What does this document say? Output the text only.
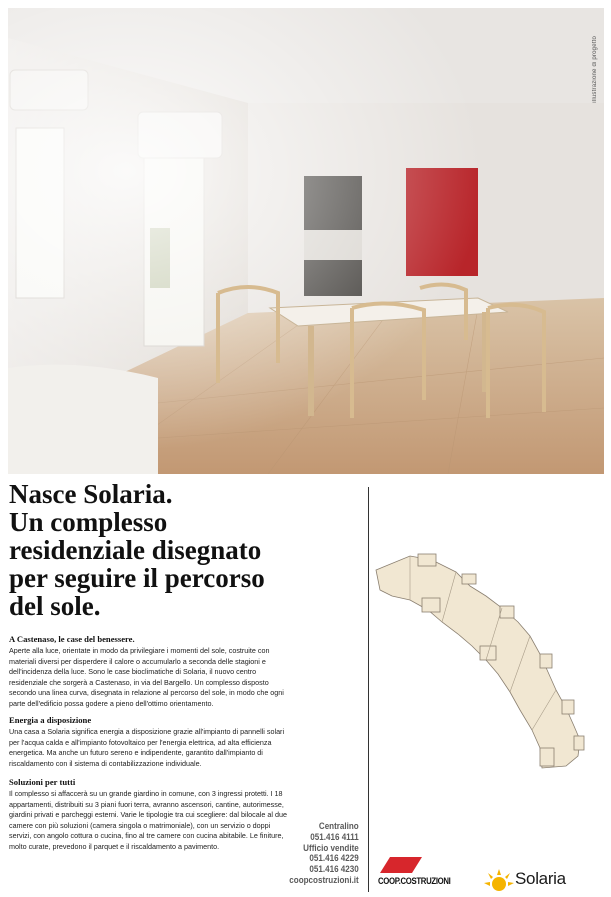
illustrazione di progetto
Nasce Solaria.
Un complesso
residenziale disegnato
per seguire il percorso
del sole.
A Castenaso, le case del benessere.

Aperte alla luce, orientate in modo da privilegiare i momenti del sole, costruite con materiali diversi per disperdere il calore o accumularlo a seconda delle stagioni e dell'incidenza della luce. Sono le case bioclimatiche di Solaria, il nuovo centro residenziale che sorgerà a Castenaso, in via del Bargello. Un complesso disposto secondo una linea curva, disegnata in relazione al percorso del sole, in modo che ogni parte dell'edificio possa godere a pieno dell'ottimo orientamento.

Energia a disposizione

Una casa a Solaria significa energia a disposizione grazie all'impianto di pannelli solari per l'acqua calda e all'impianto fotovoltaico per l'energia elettrica, ad alta efficienza energetica. Ma anche un futuro sereno e indipendente, garantito dall'impianto di riscaldamento con il sistema di contabilizzazione individuale.

Soluzioni per tutti

Il complesso si affaccerà su un grande giardino in comune, con 3 ingressi protetti. I 18 appartamenti, distribuiti su 3 piani fuori terra, avranno ascensori, cantine, autorimesse, giardini privati e parcheggi esterni. Varie le tipologie tra cui scegliere: dal bilocale al due camere con più soluzioni (camera singola o matrimoniale), con un servizio o doppi servizi, con angolo cottura o cucina, fino al tre camere con cucina abitabile. Le finiture, molto curate, prevedono il parquet e il riscaldamento a pavimento.

Centralino
051.416 4111
Ufficio vendite
051.416 4229
051.416 4230
coopcostruzioni.it COOP.COSTRUZIONI	Solaria
